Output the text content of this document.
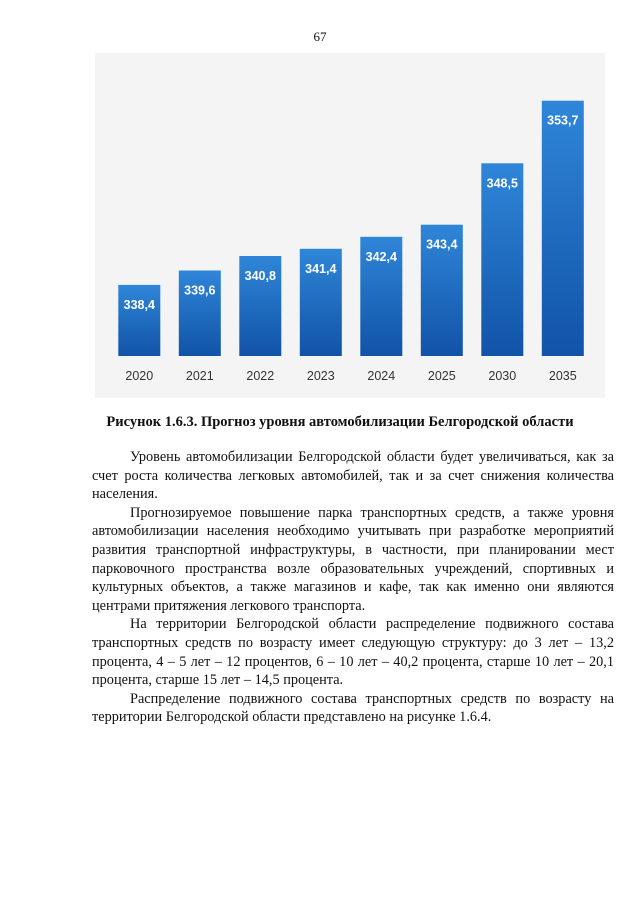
67
338,4
339,6
340,8
341,4
342,4
343,4
348,5
353,7
2020	2021	2022	2023	2024	2025	2030	2035
Рисунок 1.6.3. Прогноз уровня автомобилизации Белгородской области

Уровень автомобилизации Белгородской области будет увеличиваться, как за счет роста количества легковых автомобилей, так и за счет снижения количества населения.

Прогнозируемое повышение парка транспортных средств, а также уровня автомобилизации населения необходимо учитывать при разработке мероприятий развития транспортной инфраструктуры, в частности, при планировании мест парковочного пространства возле образовательных учреждений, спортивных и культурных объектов, а также магазинов и кафе, так как именно они являются центрами притяжения легкового транспорта.

На территории Белгородской области распределение подвижного состава транспортных средств по возрасту имеет следующую структуру: до 3 лет – 13,2 процента, 4 – 5 лет – 12 процентов, 6 – 10 лет – 40,2 процента, старше 10 лет – 20,1 процента, старше 15 лет – 14,5 процента.

Распределение подвижного состава транспортных средств по возрасту на территории Белгородской области представлено на рисунке 1.6.4.
